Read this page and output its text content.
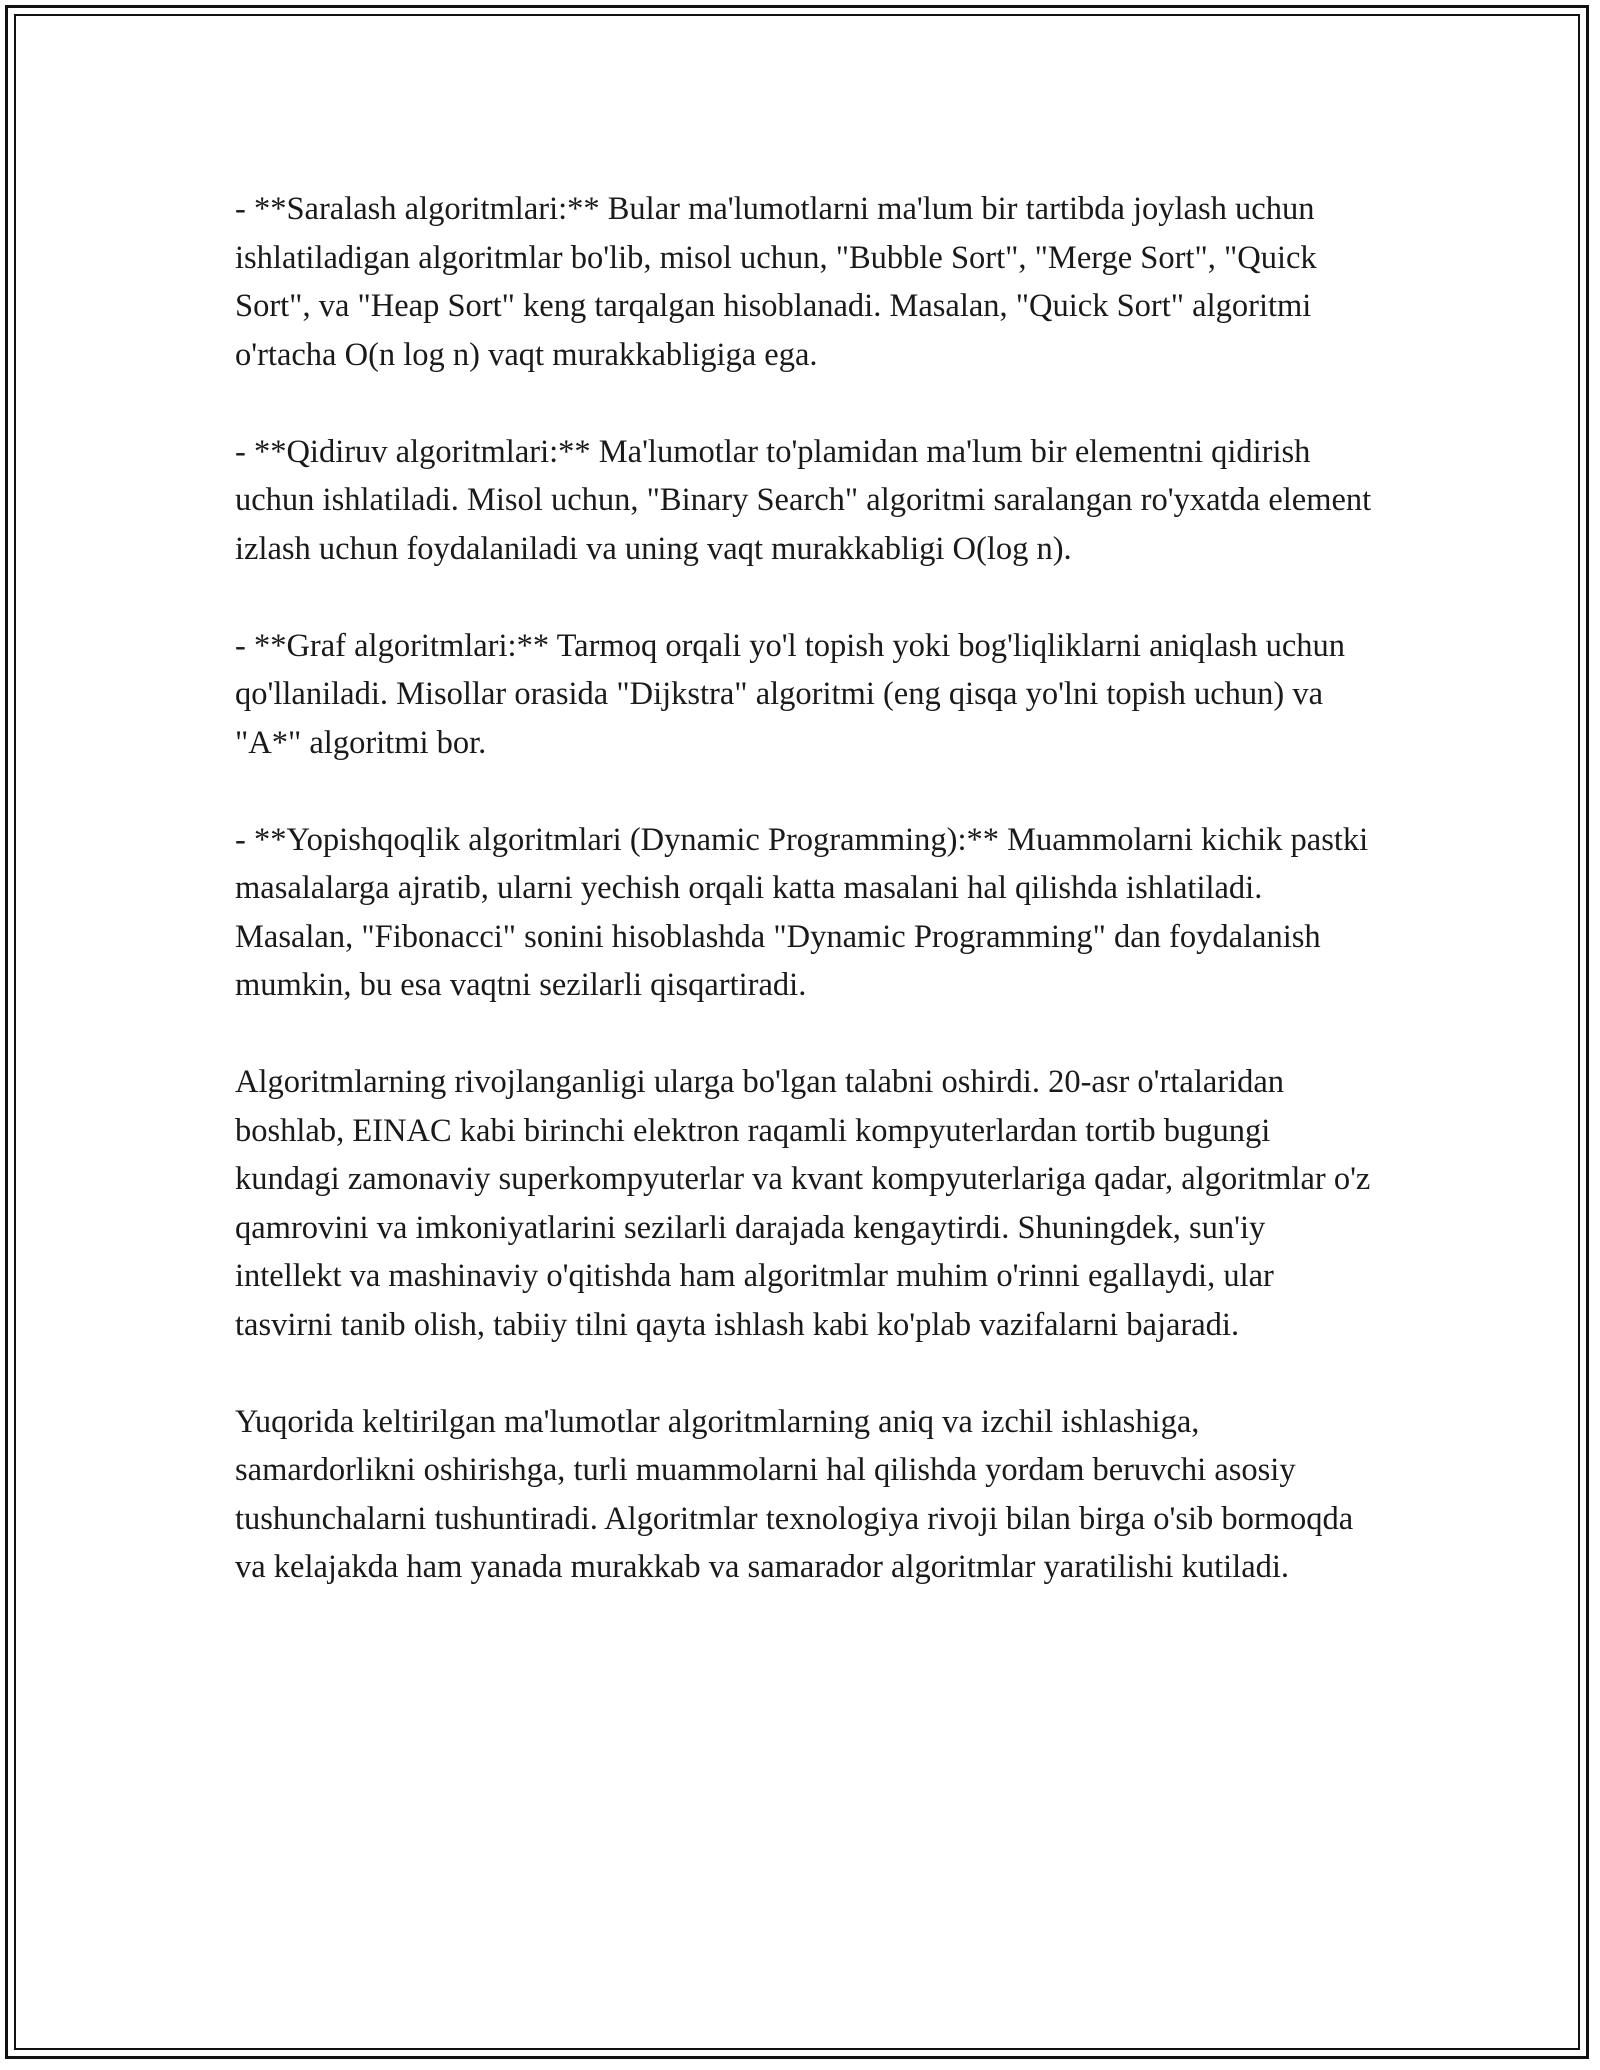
- **Saralash algoritmlari:** Bular ma'lumotlarni ma'lum bir tartibda joylash uchun ishlatiladigan algoritmlar bo'lib, misol uchun, "Bubble Sort", "Merge Sort", "Quick Sort", va "Heap Sort" keng tarqalgan hisoblanadi. Masalan, "Quick Sort" algoritmi o'rtacha O(n log n) vaqt murakkabligiga ega.

- **Qidiruv algoritmlari:** Ma'lumotlar to'plamidan ma'lum bir elementni qidirish uchun ishlatiladi. Misol uchun, "Binary Search" algoritmi saralangan ro'yxatda element izlash uchun foydalaniladi va uning vaqt murakkabligi O(log n).

- **Graf algoritmlari:** Tarmoq orqali yo'l topish yoki bog'liqliklarni aniqlash uchun qo'llaniladi. Misollar orasida "Dijkstra" algoritmi (eng qisqa yo'lni topish uchun) va "A*" algoritmi bor.

- **Yopishqoqlik algoritmlari (Dynamic Programming):** Muammolarni kichik pastki masalalarga ajratib, ularni yechish orqali katta masalani hal qilishda ishlatiladi. Masalan, "Fibonacci" sonini hisoblashda "Dynamic Programming" dan foydalanish mumkin, bu esa vaqtni sezilarli qisqartiradi.

Algoritmlarning rivojlanganligi ularga bo'lgan talabni oshirdi. 20-asr o'rtalaridan boshlab, EINAC kabi birinchi elektron raqamli kompyuterlardan tortib bugungi kundagi zamonaviy superkompyuterlar va kvant kompyuterlariga qadar, algoritmlar o'z qamrovini va imkoniyatlarini sezilarli darajada kengaytirdi. Shuningdek, sun'iy intellekt va mashinaviy o'qitishda ham algoritmlar muhim o'rinni egallaydi, ular tasvirni tanib olish, tabiiy tilni qayta ishlash kabi ko'plab vazifalarni bajaradi.

Yuqorida keltirilgan ma'lumotlar algoritmlarning aniq va izchil ishlashiga, samardorlikni oshirishga, turli muammolarni hal qilishda yordam beruvchi asosiy tushunchalarni tushuntiradi. Algoritmlar texnologiya rivoji bilan birga o'sib bormoqda va kelajakda ham yanada murakkab va samarador algoritmlar yaratilishi kutiladi.
